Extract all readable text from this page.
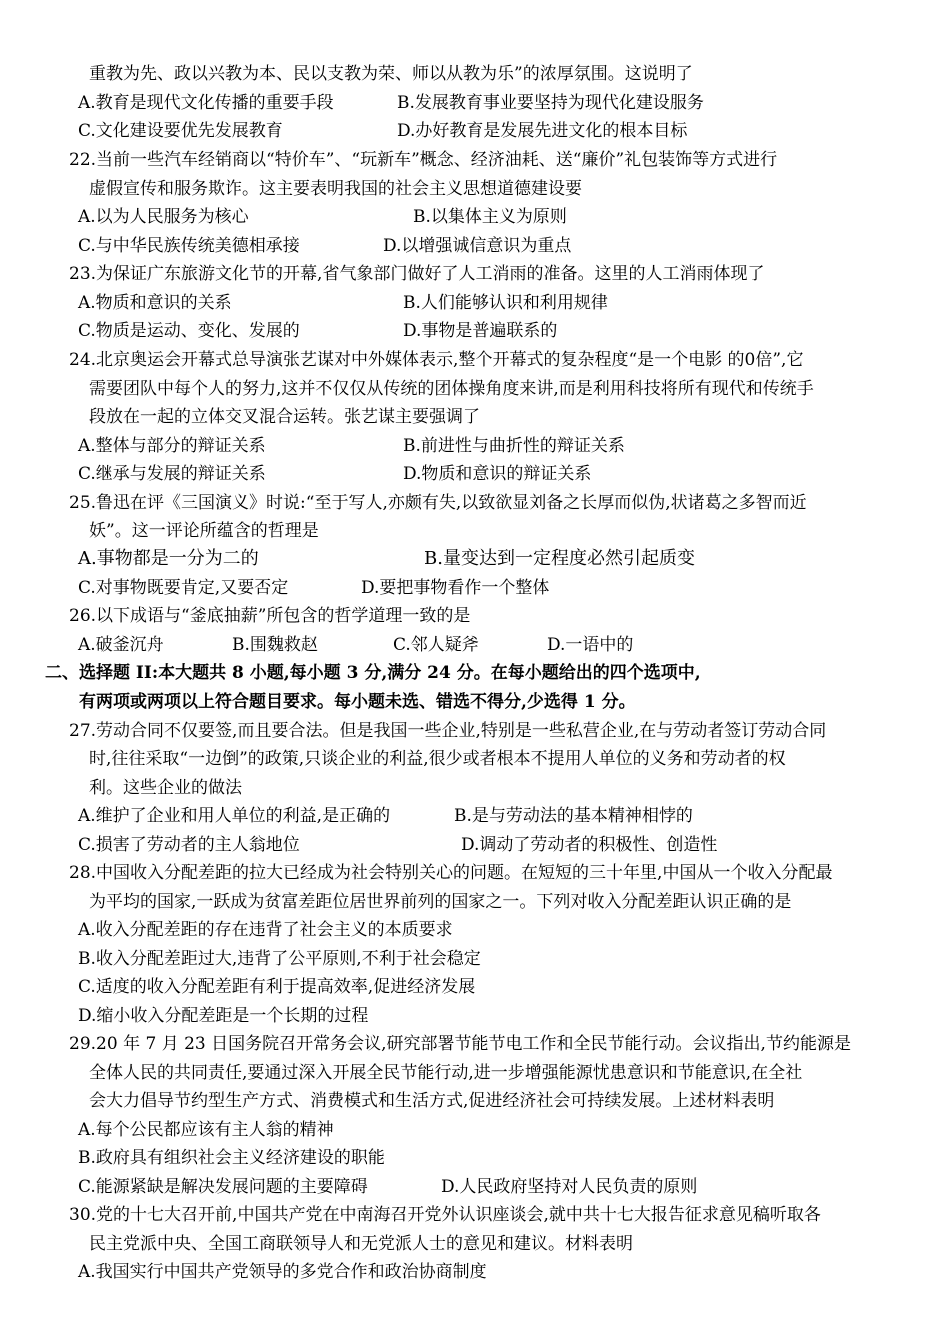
重教为先、政以兴教为本、民以支教为荣、师以从教为乐”的浓厚氛围。这说明了
A.教育是现代文化传播的重要手段	B.发展教育事业要坚持为现代化建设服务
C.文化建设要优先发展教育	D.办好教育是发展先进文化的根本目标
22.当前一些汽车经销商以“特价车”、“玩新车”概念、经济油耗、送“廉价”礼包装饰等方式进行
虚假宣传和服务欺诈。这主要表明我国的社会主义思想道德建设要
A.以为人民服务为核心	B.以集体主义为原则
C.与中华民族传统美德相承接	D.以增强诚信意识为重点
23.为保证广东旅游文化节的开幕,省气象部门做好了人工消雨的准备。这里的人工消雨体现了
A.物质和意识的关系	B.人们能够认识和利用规律
C.物质是运动、变化、发展的	D.事物是普遍联系的
24.北京奥运会开幕式总导演张艺谋对中外媒体表示,整个开幕式的复杂程度“是一个电影 的0倍”,它
需要团队中每个人的努力,这并不仅仅从传统的团体操角度来讲,而是利用科技将所有现代和传统手
段放在一起的立体交叉混合运转。张艺谋主要强调了
A.整体与部分的辩证关系	B.前进性与曲折性的辩证关系
C.继承与发展的辩证关系	D.物质和意识的辩证关系
25.鲁迅在评《三国演义》时说:“至于写人,亦颇有失,以致欲显刘备之长厚而似伪,状诸葛之多智而近
妖”。这一评论所蕴含的哲理是
A.事物都是一分为二的	B.量变达到一定程度必然引起质变
C.对事物既要肯定,又要否定	D.要把事物看作一个整体
26.以下成语与“釜底抽薪”所包含的哲学道理一致的是
A.破釜沉舟	B.围魏救赵	C.邻人疑斧	D.一语中的
二、选择题 II:本大题共 8 小题,每小题 3 分,满分 24 分。在每小题给出的四个选项中,
有两项或两项以上符合题目要求。每小题未选、错选不得分,少选得 1 分。
27.劳动合同不仅要签,而且要合法。但是我国一些企业,特别是一些私营企业,在与劳动者签订劳动合同
时,往往采取“一边倒”的政策,只谈企业的利益,很少或者根本不提用人单位的义务和劳动者的权
利。这些企业的做法
A.维护了企业和用人单位的利益,是正确的	B.是与劳动法的基本精神相悖的
C.损害了劳动者的主人翁地位	D.调动了劳动者的积极性、创造性
28.中国收入分配差距的拉大已经成为社会特别关心的问题。在短短的三十年里,中国从一个收入分配最
为平均的国家,一跃成为贫富差距位居世界前列的国家之一。下列对收入分配差距认识正确的是
A.收入分配差距的存在违背了社会主义的本质要求
B.收入分配差距过大,违背了公平原则,不利于社会稳定
C.适度的收入分配差距有利于提高效率,促进经济发展
D.缩小收入分配差距是一个长期的过程
29.20 年 7 月 23 日国务院召开常务会议,研究部署节能节电工作和全民节能行动。会议指出,节约能源是
全体人民的共同责任,要通过深入开展全民节能行动,进一步增强能源忧患意识和节能意识,在全社
会大力倡导节约型生产方式、消费模式和生活方式,促进经济社会可持续发展。上述材料表明
A.每个公民都应该有主人翁的精神
B.政府具有组织社会主义经济建设的职能
C.能源紧缺是解决发展问题的主要障碍	D.人民政府坚持对人民负责的原则
30.党的十七大召开前,中国共产党在中南海召开党外认识座谈会,就中共十七大报告征求意见稿听取各
民主党派中央、全国工商联领导人和无党派人士的意见和建议。材料表明
A.我国实行中国共产党领导的多党合作和政治协商制度
